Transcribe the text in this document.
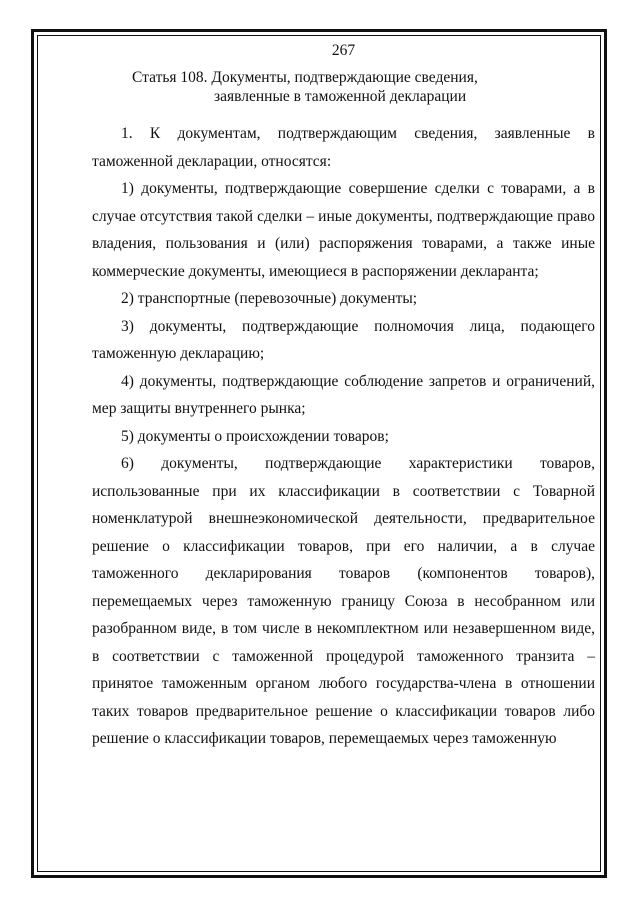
267
Статья 108. Документы, подтверждающие сведения,
заявленные в таможенной декларации

1. К документам, подтверждающим сведения, заявленные в таможенной декларации, относятся:

1) документы, подтверждающие совершение сделки с товарами, а в случае отсутствия такой сделки – иные документы, подтверждающие право владения, пользования и (или) распоряжения товарами, а также иные коммерческие документы, имеющиеся в распоряжении декларанта;

2) транспортные (перевозочные) документы;

3) документы, подтверждающие полномочия лица, подающего таможенную декларацию;

4) документы, подтверждающие соблюдение запретов и ограничений, мер защиты внутреннего рынка;

5) документы о происхождении товаров;

6) документы, подтверждающие характеристики товаров, использованные при их классификации в соответствии с Товарной номенклатурой внешнеэкономической деятельности, предварительное решение о классификации товаров, при его наличии, а в случае таможенного декларирования товаров (компонентов товаров), перемещаемых через таможенную границу Союза в несобранном или разобранном виде, в том числе в некомплектном или незавершенном виде, в соответствии с таможенной процедурой таможенного транзита – принятое таможенным органом любого государства-члена в отношении таких товаров предварительное решение о классификации товаров либо решение о классификации товаров, перемещаемых через таможенную
